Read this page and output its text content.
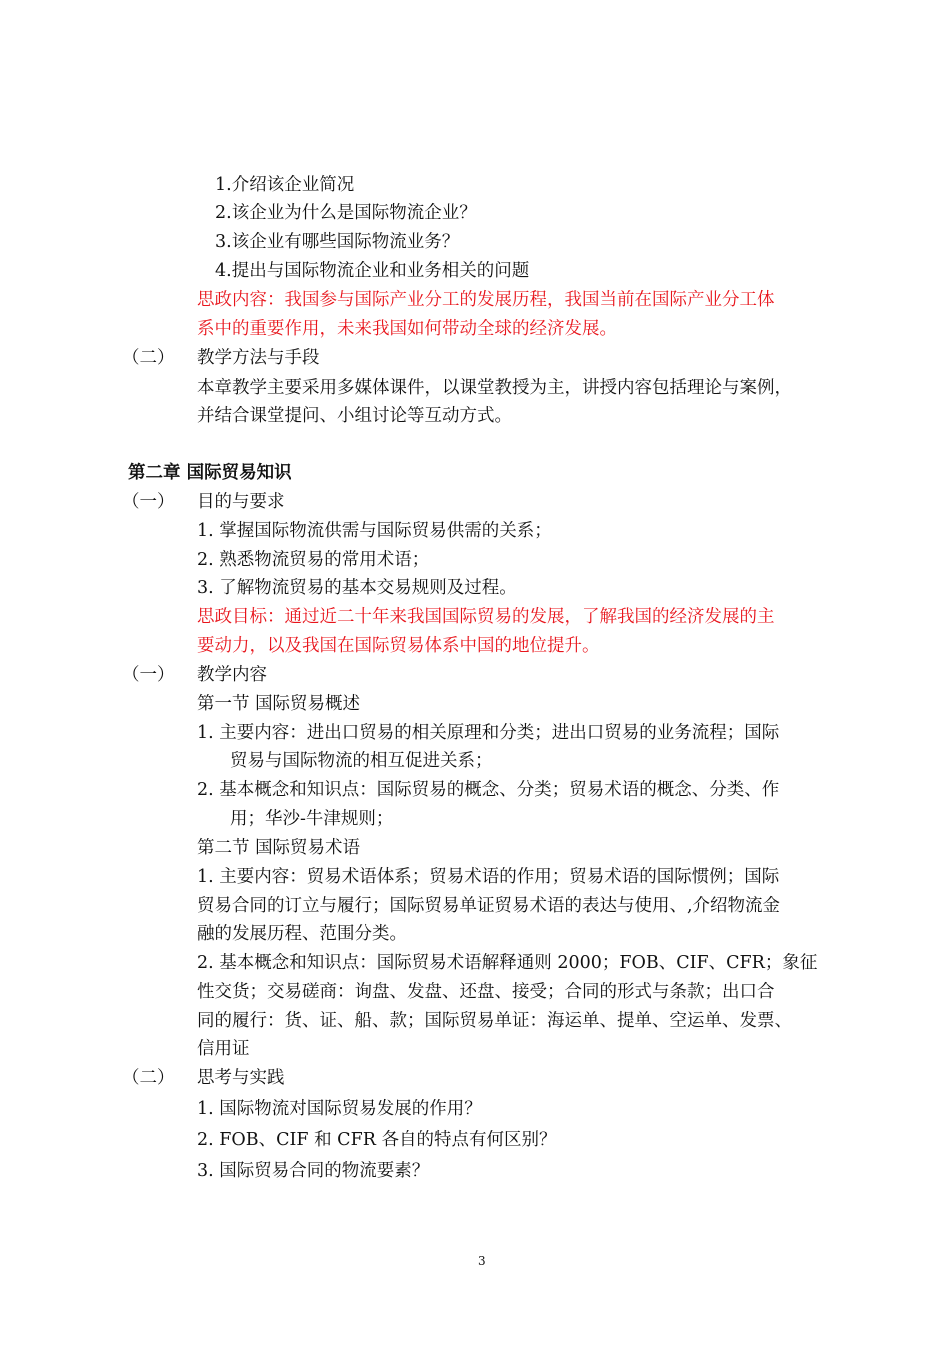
1.介绍该企业简况
2.该企业为什么是国际物流企业？
3.该企业有哪些国际物流业务？
4.提出与国际物流企业和业务相关的问题
思政内容：我国参与国际产业分工的发展历程，我国当前在国际产业分工体
系中的重要作用，未来我国如何带动全球的经济发展。
（二） 教学方法与手段
本章教学主要采用多媒体课件，以课堂教授为主，讲授内容包括理论与案例，
并结合课堂提问、小组讨论等互动方式。
第二章 国际贸易知识
（一） 目的与要求
1. 掌握国际物流供需与国际贸易供需的关系；
2. 熟悉物流贸易的常用术语；
3. 了解物流贸易的基本交易规则及过程。
思政目标：通过近二十年来我国国际贸易的发展，了解我国的经济发展的主
要动力，以及我国在国际贸易体系中国的地位提升。
（一） 教学内容
第一节 国际贸易概述
1. 主要内容：进出口贸易的相关原理和分类；进出口贸易的业务流程；国际
贸易与国际物流的相互促进关系；
2. 基本概念和知识点：国际贸易的概念、分类；贸易术语的概念、分类、作
用；华沙-牛津规则；
第二节 国际贸易术语
1. 主要内容：贸易术语体系；贸易术语的作用；贸易术语的国际惯例；国际
贸易合同的订立与履行；国际贸易单证贸易术语的表达与使用、,介绍物流金
融的发展历程、范围分类。
2. 基本概念和知识点：国际贸易术语解释通则 2000；FOB、CIF、CFR；象征
性交货；交易磋商：询盘、发盘、还盘、接受；合同的形式与条款；出口合
同的履行：货、证、船、款；国际贸易单证：海运单、提单、空运单、发票、
信用证
（二） 思考与实践
1. 国际物流对国际贸易发展的作用？
2. FOB、CIF 和 CFR 各自的特点有何区别？
3. 国际贸易合同的物流要素？
3
